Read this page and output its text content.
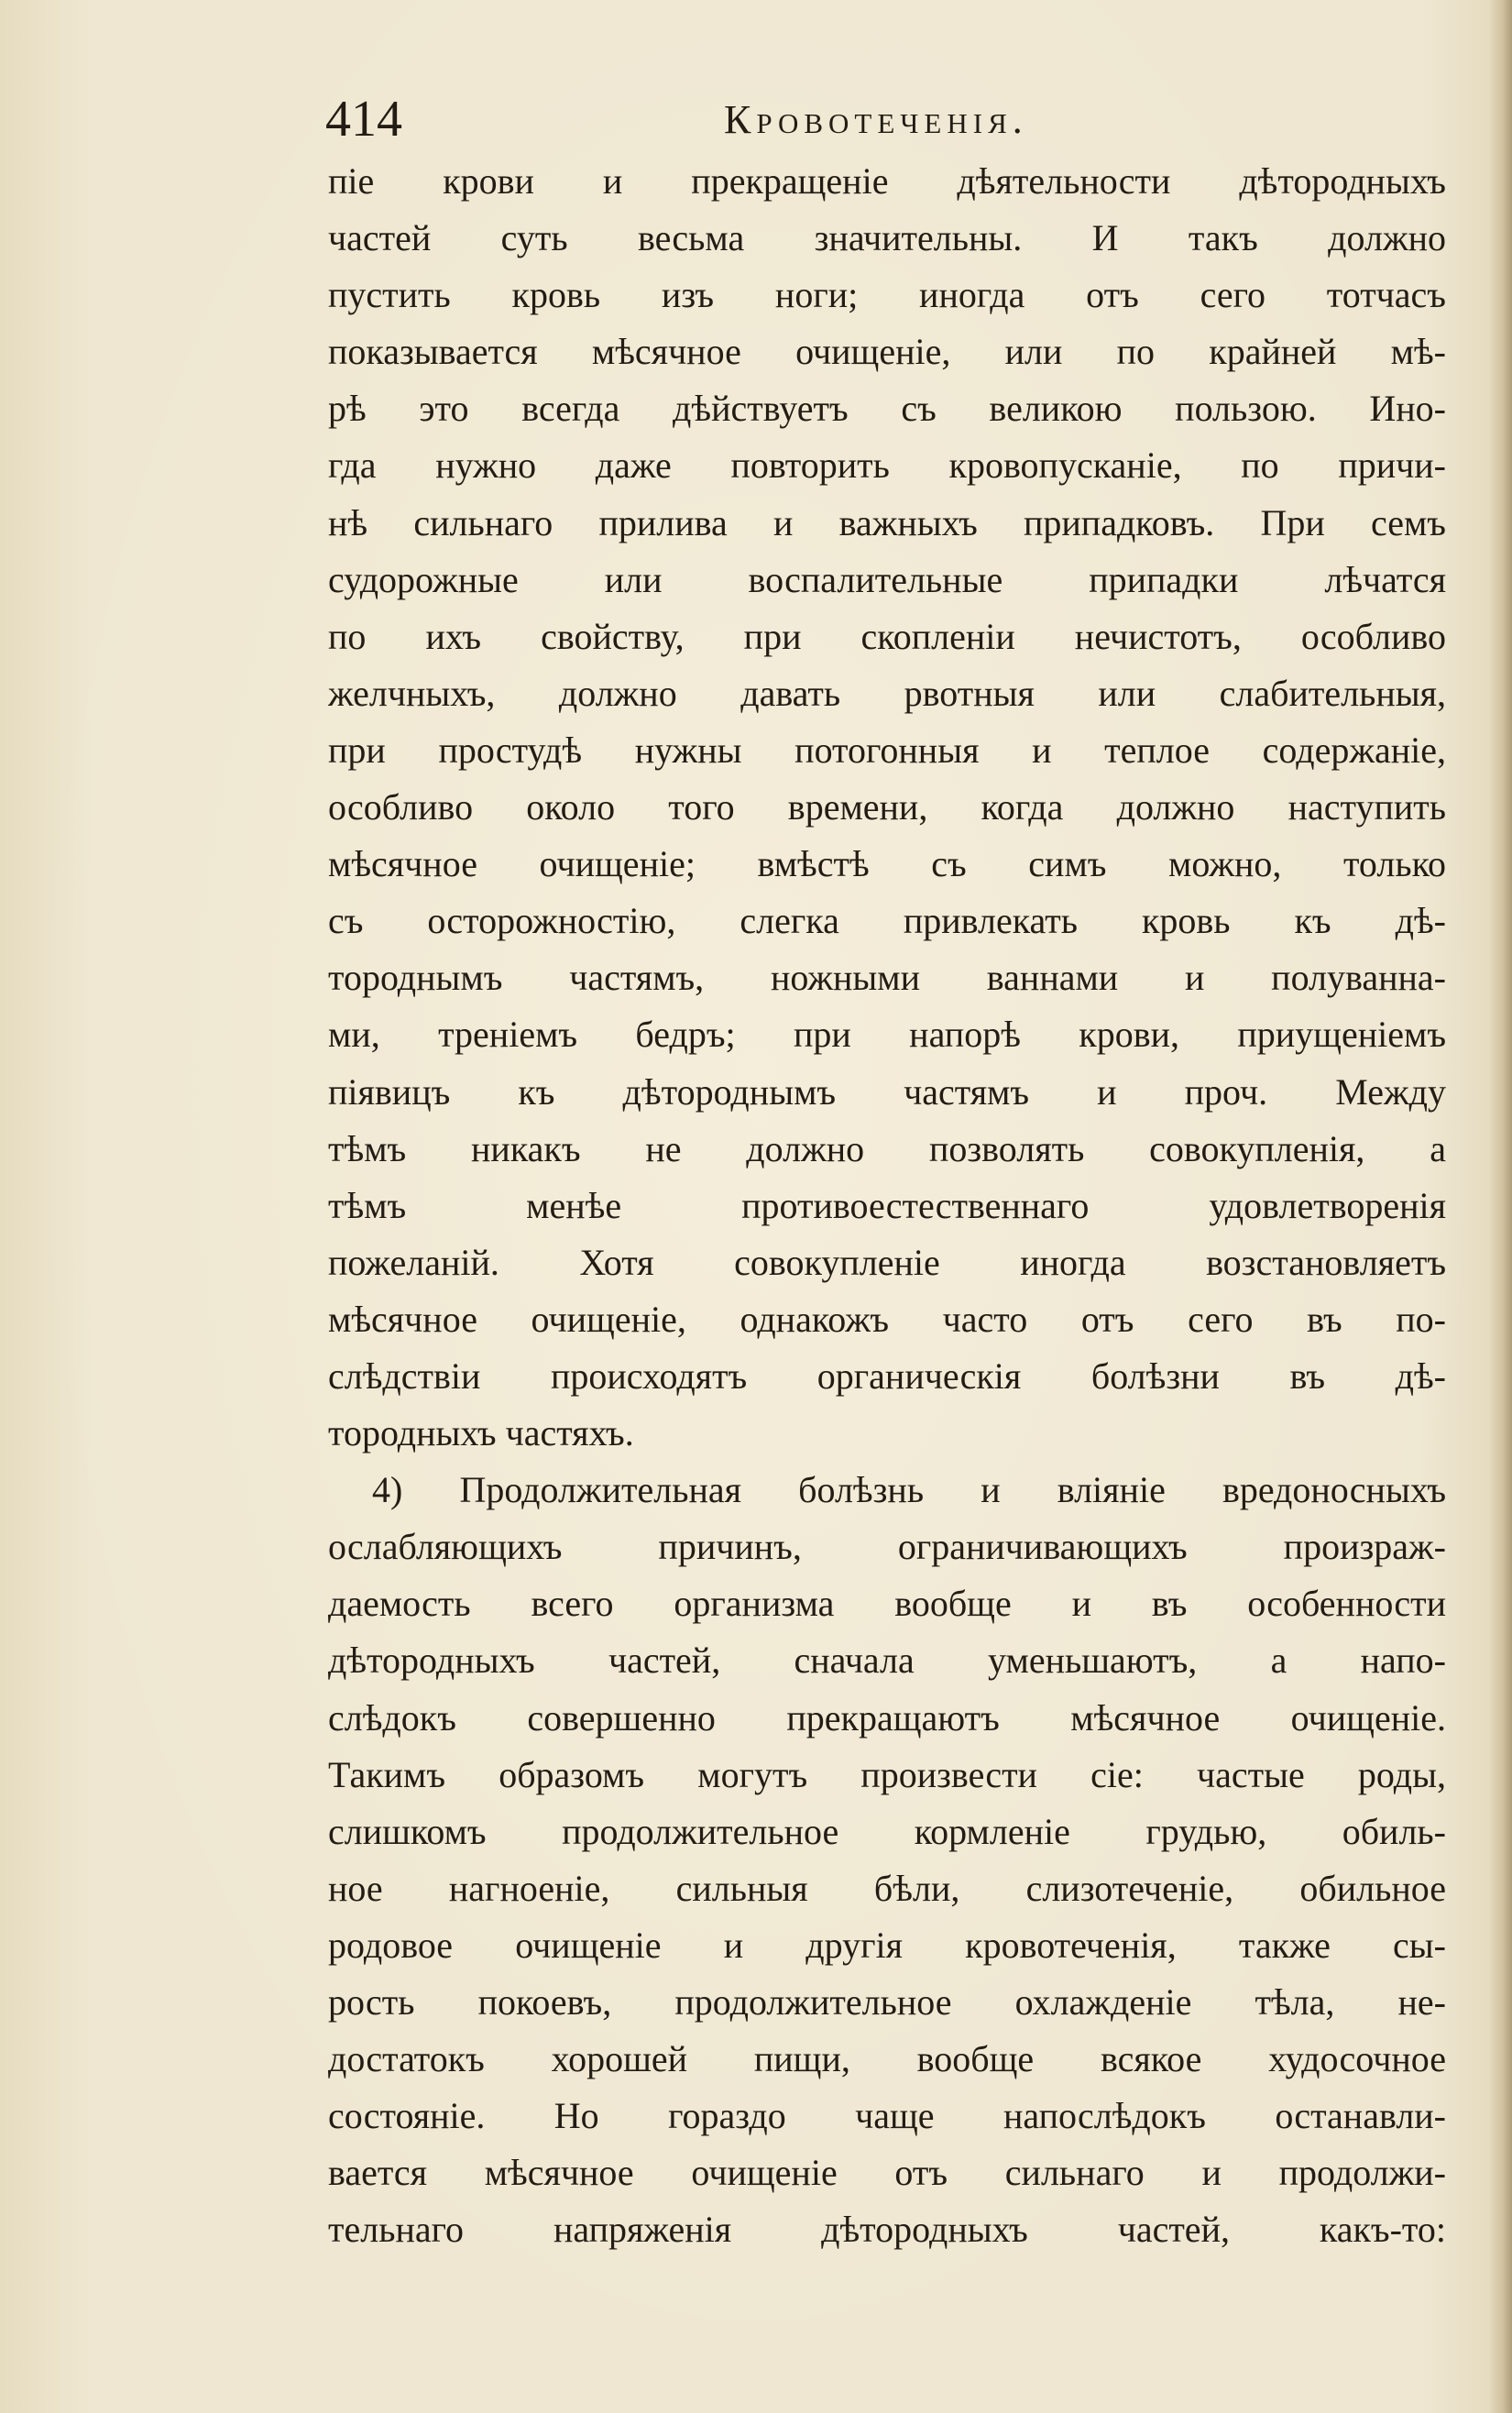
414	Кровотеченія.
піе крови и прекращеніе дѣятельности дѣтородныхъ
частей суть весьма значительны. И такъ должно
пустить кровь изъ ноги; иногда отъ сего тотчасъ
показывается мѣсячное очищеніе, или по крайней мѣ-
рѣ это всегда дѣйствуетъ съ великою пользою. Ино-
гда нужно даже повторить кровопусканіе, по причи-
нѣ сильнаго прилива и важныхъ припадковъ. При семъ
судорожные или воспалительные припадки лѣчатся
по ихъ свойству, при скопленіи нечистотъ, особливо
желчныхъ, должно давать рвотныя или слабительныя,
при простудѣ нужны потогонныя и теплое содержаніе,
особливо около того времени, когда должно наступить
мѣсячное очищеніе; вмѣстѣ съ симъ можно, только
съ осторожностію, слегка привлекать кровь къ дѣ-
тороднымъ частямъ, ножными ваннами и полуванна-
ми, треніемъ бедръ; при напорѣ крови, приущеніемъ
піявицъ къ дѣтороднымъ частямъ и проч. Между
тѣмъ никакъ не должно позволять совокупленія, а
тѣмъ менѣе противоестественнаго удовлетворенія
пожеланій. Хотя совокупленіе иногда возстановляетъ
мѣсячное очищеніе, однакожъ часто отъ сего въ по-
слѣдствіи происходятъ органическія болѣзни въ дѣ-
тородныхъ частяхъ.
4) Продолжительная болѣзнь и вліяніе вредоносныхъ
ослабляющихъ причинъ, ограничивающихъ произраж-
даемость всего организма вообще и въ особенности
дѣтородныхъ частей, сначала уменьшаютъ, а напо-
слѣдокъ совершенно прекращаютъ мѣсячное очищеніе.
Такимъ образомъ могутъ произвести сіе: частые роды,
слишкомъ продолжительное кормленіе грудью, обиль-
ное нагноеніе, сильныя бѣли, слизотеченіе, обильное
родовое очищеніе и другія кровотеченія, также сы-
рость покоевъ, продолжительное охлажденіе тѣла, не-
достатокъ хорошей пищи, вообще всякое худосочное
состояніе. Но гораздо чаще напослѣдокъ останавли-
вается мѣсячное очищеніе отъ сильнаго и продолжи-
тельнаго напряженія дѣтородныхъ частей, какъ-то:
